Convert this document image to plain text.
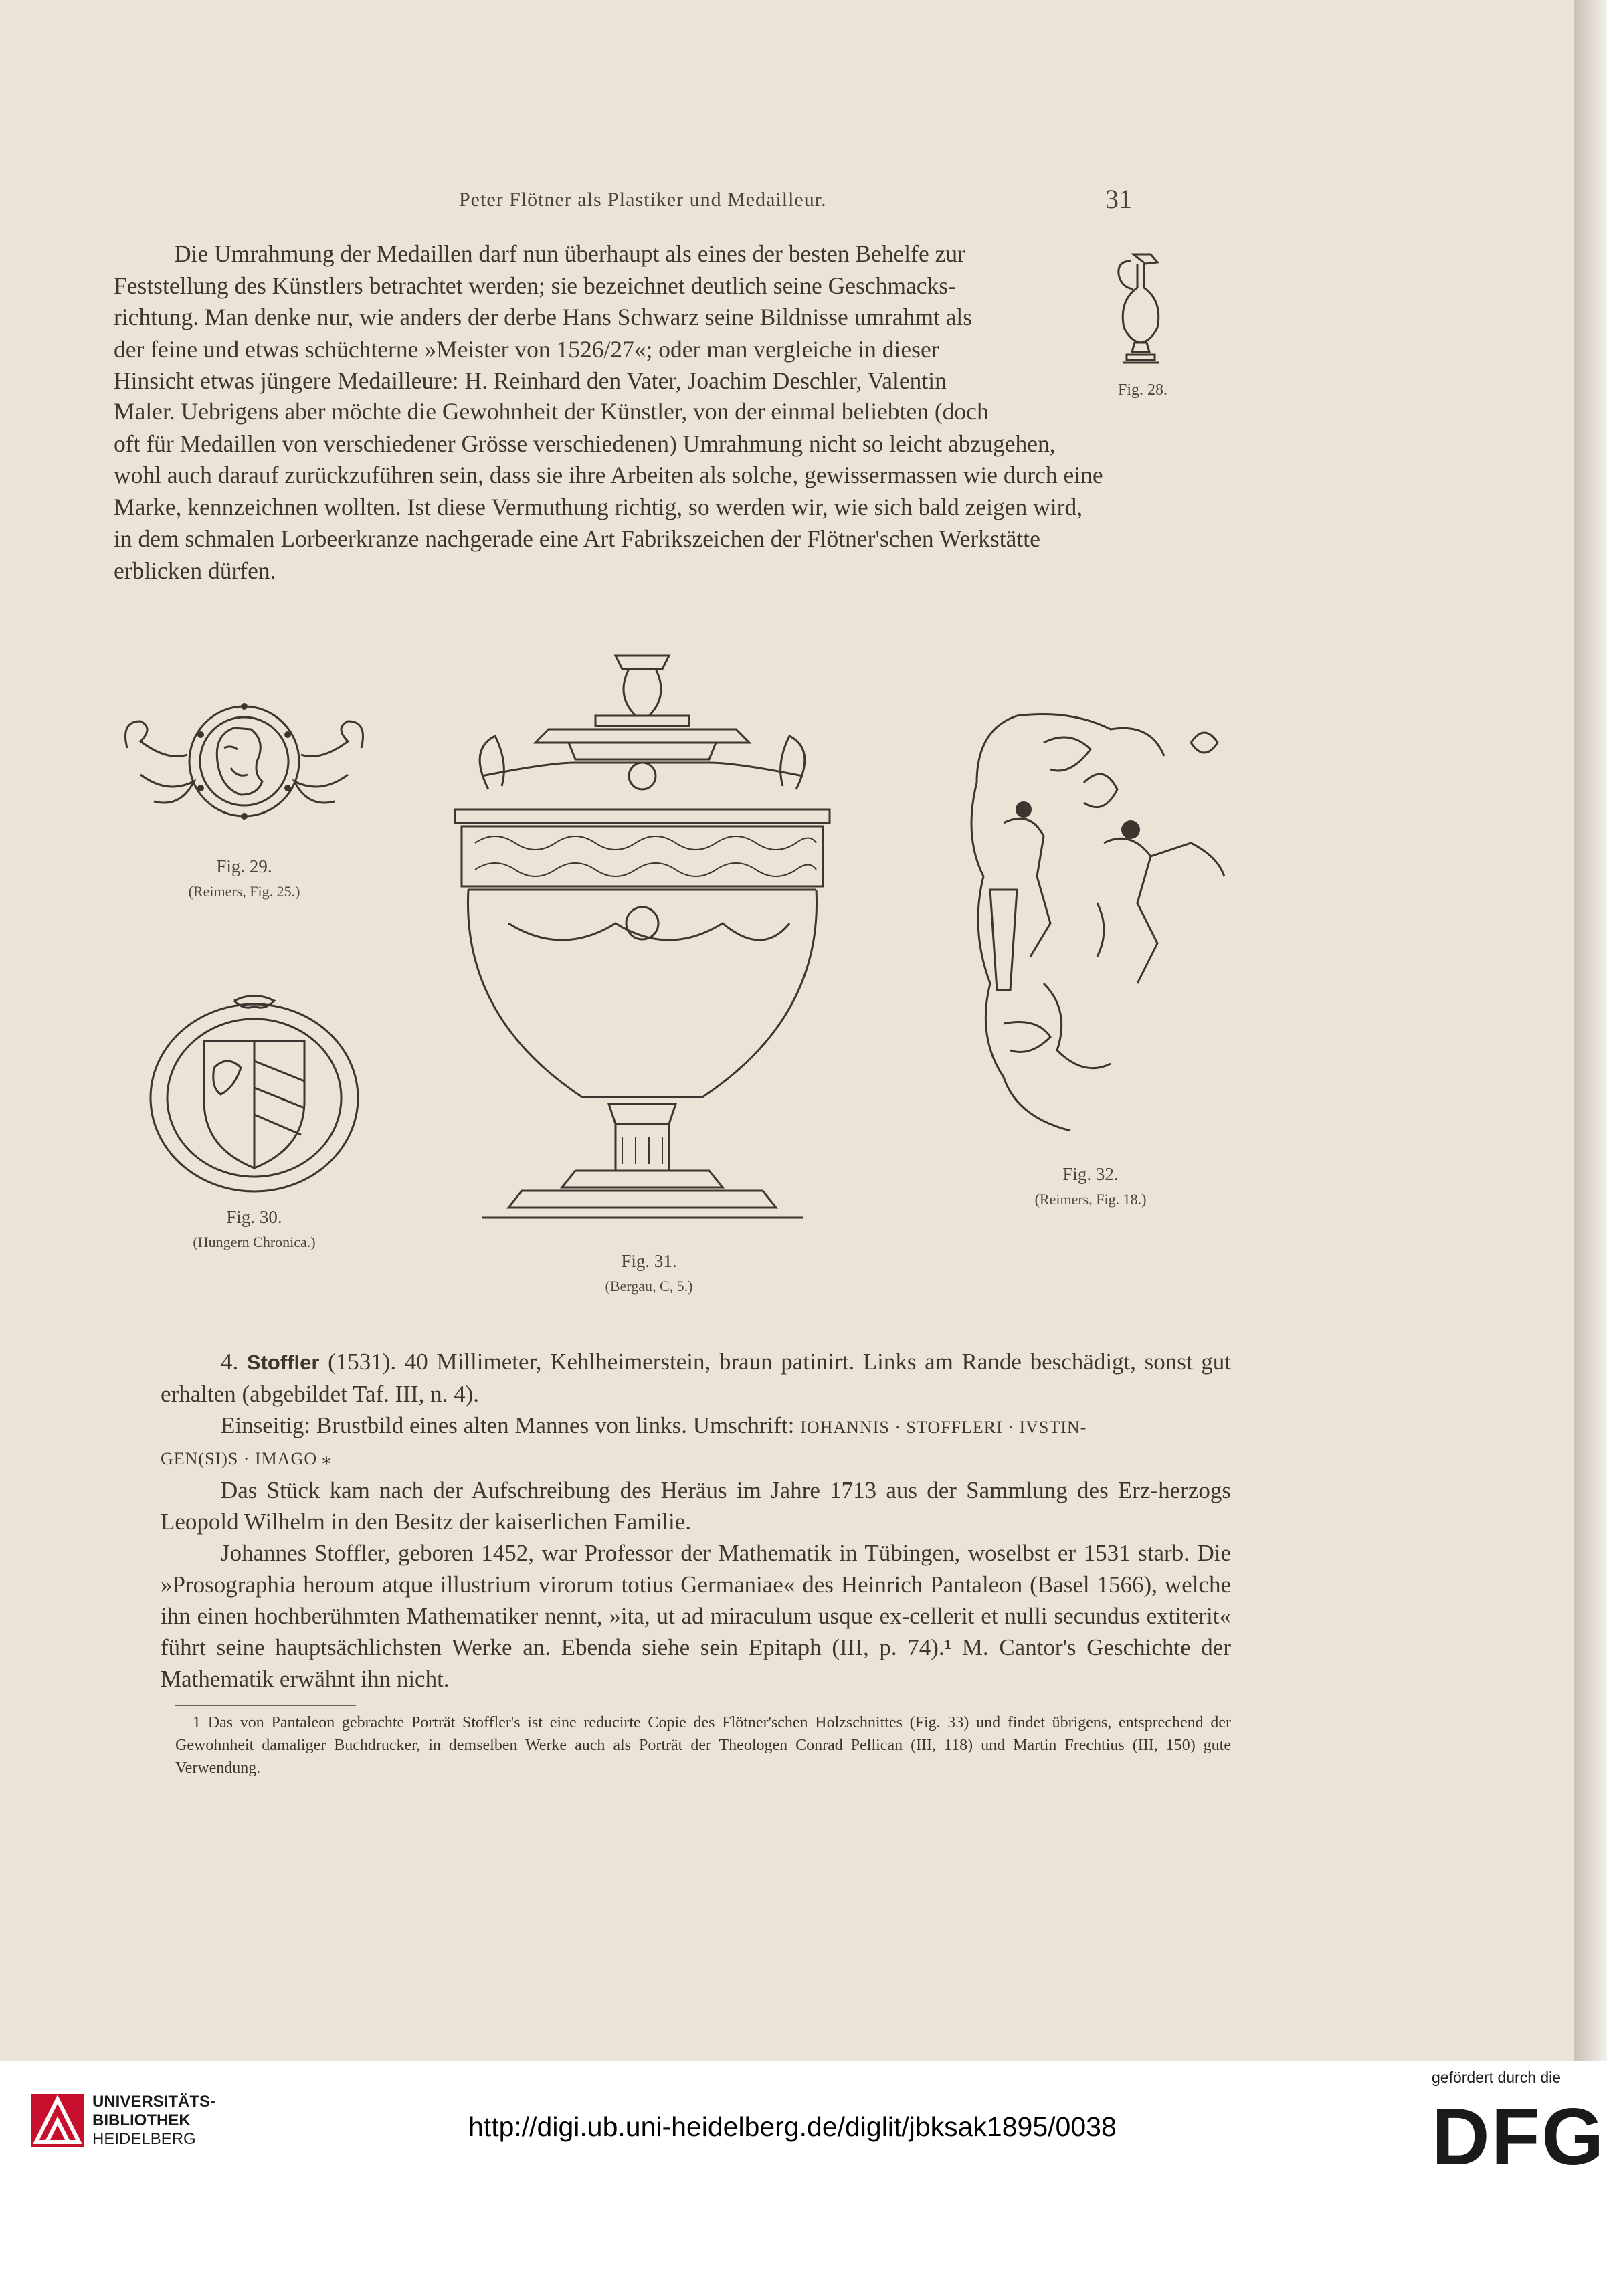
Peter Flötner als Plastiker und Medailleur.	31
Die Umrahmung der Medaillen darf nun überhaupt als eines der besten Behelfe zur
Feststellung des Künstlers betrachtet werden; sie bezeichnet deutlich seine Geschmacks-
richtung. Man denke nur, wie anders der derbe Hans Schwarz seine Bildnisse umrahmt als
der feine und etwas schüchterne »Meister von 1526/27«; oder man vergleiche in dieser
Hinsicht etwas jüngere Medailleure: H. Reinhard den Vater, Joachim Deschler, Valentin
Maler. Uebrigens aber möchte die Gewohnheit der Künstler, von der einmal beliebten (doch
oft für Medaillen von verschiedener Grösse verschiedenen) Umrahmung nicht so leicht abzugehen,
wohl auch darauf zurückzuführen sein, dass sie ihre Arbeiten als solche, gewissermassen wie durch eine
Marke, kennzeichnen wollten. Ist diese Vermuthung richtig, so werden wir, wie sich bald zeigen wird,
in dem schmalen Lorbeerkranze nachgerade eine Art Fabrikszeichen der Flötner'schen Werkstätte
erblicken dürfen.
Fig. 28.
Fig. 29.
(Reimers, Fig. 25.)
Fig. 30.
(Hungern Chronica.)
Fig. 31.
(Bergau, C, 5.)
Fig. 32.
(Reimers, Fig. 18.)

4. Stoffler (1531). 40 Millimeter, Kehlheimerstein, braun patinirt. Links am Rande beschädigt, sonst gut erhalten (abgebildet Taf. III, n. 4).

Einseitig: Brustbild eines alten Mannes von links. Umschrift: IOHANNIS · STOFFLERI · IVSTIN-

GEN(SI)S · IMAGO ⁎

Das Stück kam nach der Aufschreibung des Heräus im Jahre 1713 aus der Sammlung des Erz-herzogs Leopold Wilhelm in den Besitz der kaiserlichen Familie.

Johannes Stoffler, geboren 1452, war Professor der Mathematik in Tübingen, woselbst er 1531 starb. Die »Prosographia heroum atque illustrium virorum totius Germaniae« des Heinrich Pantaleon (Basel 1566), welche ihn einen hochberühmten Mathematiker nennt, »ita, ut ad miraculum usque ex-cellerit et nulli secundus extiterit« führt seine hauptsächlichsten Werke an. Ebenda siehe sein Epitaph (III, p. 74).¹ M. Cantor's Geschichte der Mathematik erwähnt ihn nicht.

1 Das von Pantaleon gebrachte Porträt Stoffler's ist eine reducirte Copie des Flötner'schen Holzschnittes (Fig. 33) und findet übrigens, entsprechend der Gewohnheit damaliger Buchdrucker, in demselben Werke auch als Porträt der Theologen Conrad Pellican (III, 118) und Martin Frechtius (III, 150) gute Verwendung.

UNIVERSITÄTS-
BIBLIOTHEK
HEIDELBERG	http://digi.ub.uni-heidelberg.de/diglit/jbksak1895/0038
gefördert durch die
DFG
